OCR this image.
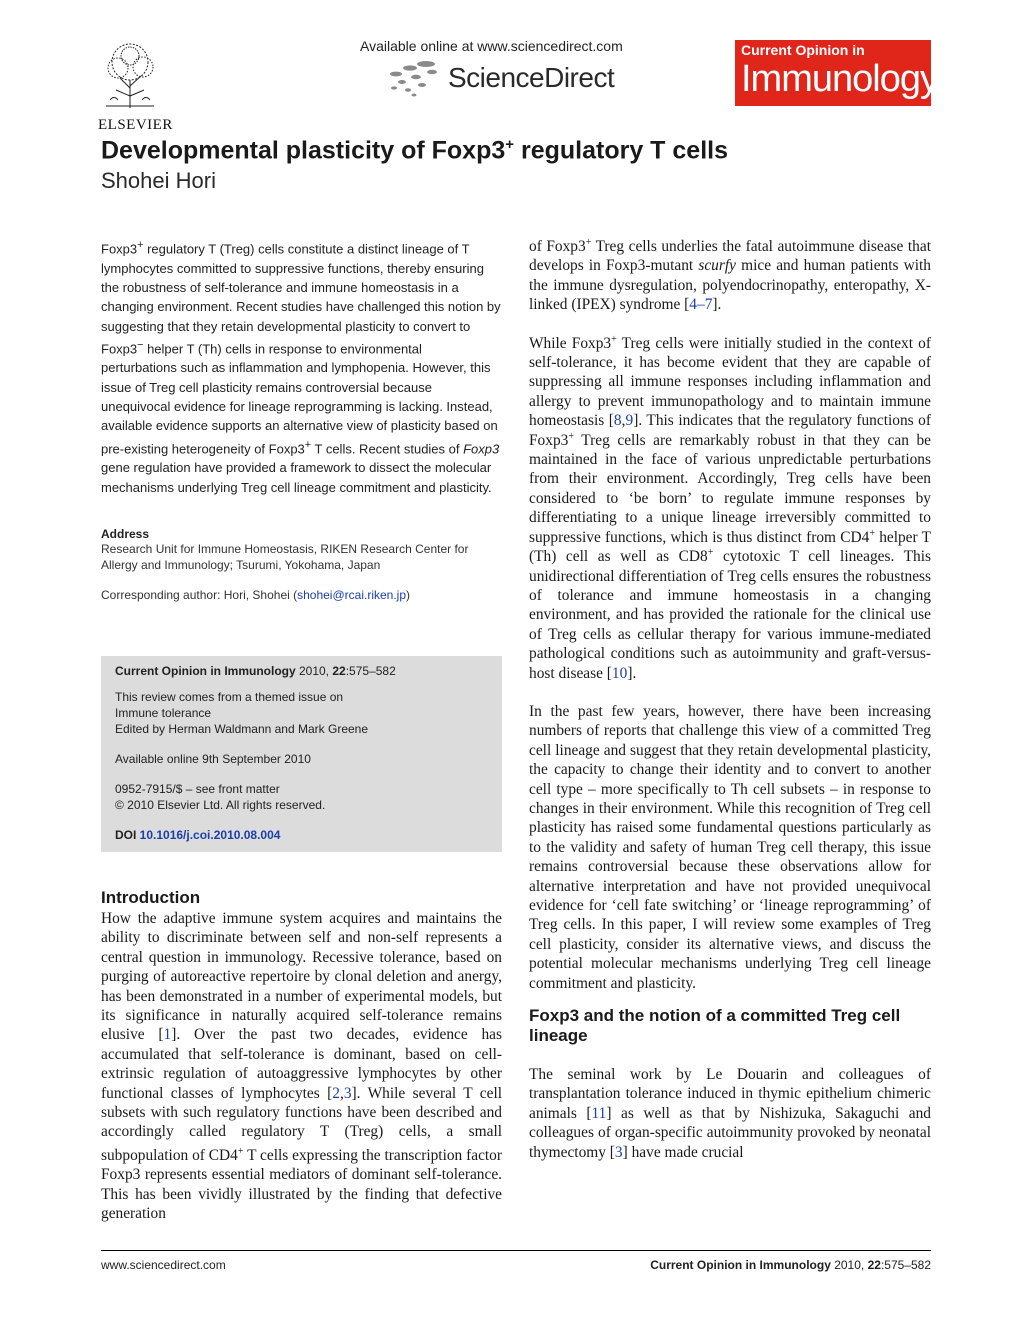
ELSEVIER
Available online at www.sciencedirect.com
ScienceDirect
Current Opinion in
Immunology
Developmental plasticity of Foxp3+ regulatory T cells
Shohei Hori
Foxp3+ regulatory T (Treg) cells constitute a distinct lineage of T lymphocytes committed to suppressive functions, thereby ensuring the robustness of self-tolerance and immune homeostasis in a changing environment. Recent studies have challenged this notion by suggesting that they retain developmental plasticity to convert to Foxp3− helper T (Th) cells in response to environmental perturbations such as inflammation and lymphopenia. However, this issue of Treg cell plasticity remains controversial because unequivocal evidence for lineage reprogramming is lacking. Instead, available evidence supports an alternative view of plasticity based on pre-existing heterogeneity of Foxp3+ T cells. Recent studies of Foxp3 gene regulation have provided a framework to dissect the molecular mechanisms underlying Treg cell lineage commitment and plasticity.
Address
Research Unit for Immune Homeostasis, RIKEN Research Center for Allergy and Immunology; Tsurumi, Yokohama, Japan
Corresponding author: Hori, Shohei (shohei@rcai.riken.jp)
Current Opinion in Immunology 2010, 22:575–582
This review comes from a themed issue on
Immune tolerance
Edited by Herman Waldmann and Mark Greene
Available online 9th September 2010
0952-7915/$ – see front matter
© 2010 Elsevier Ltd. All rights reserved.
DOI 10.1016/j.coi.2010.08.004
Introduction
How the adaptive immune system acquires and maintains the ability to discriminate between self and non-self represents a central question in immunology. Recessive tolerance, based on purging of autoreactive repertoire by clonal deletion and anergy, has been demonstrated in a number of experimental models, but its significance in naturally acquired self-tolerance remains elusive [1]. Over the past two decades, evidence has accumulated that self-tolerance is dominant, based on cell-extrinsic regulation of autoaggressive lymphocytes by other functional classes of lymphocytes [2,3]. While several T cell subsets with such regulatory functions have been described and accordingly called regulatory T (Treg) cells, a small subpopulation of CD4+ T cells expressing the transcription factor Foxp3 represents essential mediators of dominant self-tolerance. This has been vividly illustrated by the finding that defective generation

of Foxp3+ Treg cells underlies the fatal autoimmune disease that develops in Foxp3-mutant scurfy mice and human patients with the immune dysregulation, polyendocrinopathy, enteropathy, X-linked (IPEX) syndrome [4–7].

While Foxp3+ Treg cells were initially studied in the context of self-tolerance, it has become evident that they are capable of suppressing all immune responses including inflammation and allergy to prevent immunopathology and to maintain immune homeostasis [8,9]. This indicates that the regulatory functions of Foxp3+ Treg cells are remarkably robust in that they can be maintained in the face of various unpredictable perturbations from their environment. Accordingly, Treg cells have been considered to ‘be born’ to regulate immune responses by differentiating to a unique lineage irreversibly committed to suppressive functions, which is thus distinct from CD4+ helper T (Th) cell as well as CD8+ cytotoxic T cell lineages. This unidirectional differentiation of Treg cells ensures the robustness of tolerance and immune homeostasis in a changing environment, and has provided the rationale for the clinical use of Treg cells as cellular therapy for various immune-mediated pathological conditions such as autoimmunity and graft-versus-host disease [10].

In the past few years, however, there have been increasing numbers of reports that challenge this view of a committed Treg cell lineage and suggest that they retain developmental plasticity, the capacity to change their identity and to convert to another cell type – more specifically to Th cell subsets – in response to changes in their environment. While this recognition of Treg cell plasticity has raised some fundamental questions particularly as to the validity and safety of human Treg cell therapy, this issue remains controversial because these observations allow for alternative interpretation and have not provided unequivocal evidence for ‘cell fate switching’ or ‘lineage reprogramming’ of Treg cells. In this paper, I will review some examples of Treg cell plasticity, consider its alternative views, and discuss the potential molecular mechanisms underlying Treg cell lineage commitment and plasticity.

Foxp3 and the notion of a committed Treg cell lineage

The seminal work by Le Douarin and colleagues of transplantation tolerance induced in thymic epithelium chimeric animals [11] as well as that by Nishizuka, Sakaguchi and colleagues of organ-specific autoimmunity provoked by neonatal thymectomy [3] have made crucial

www.sciencedirect.com	Current Opinion in Immunology 2010, 22:575–582
